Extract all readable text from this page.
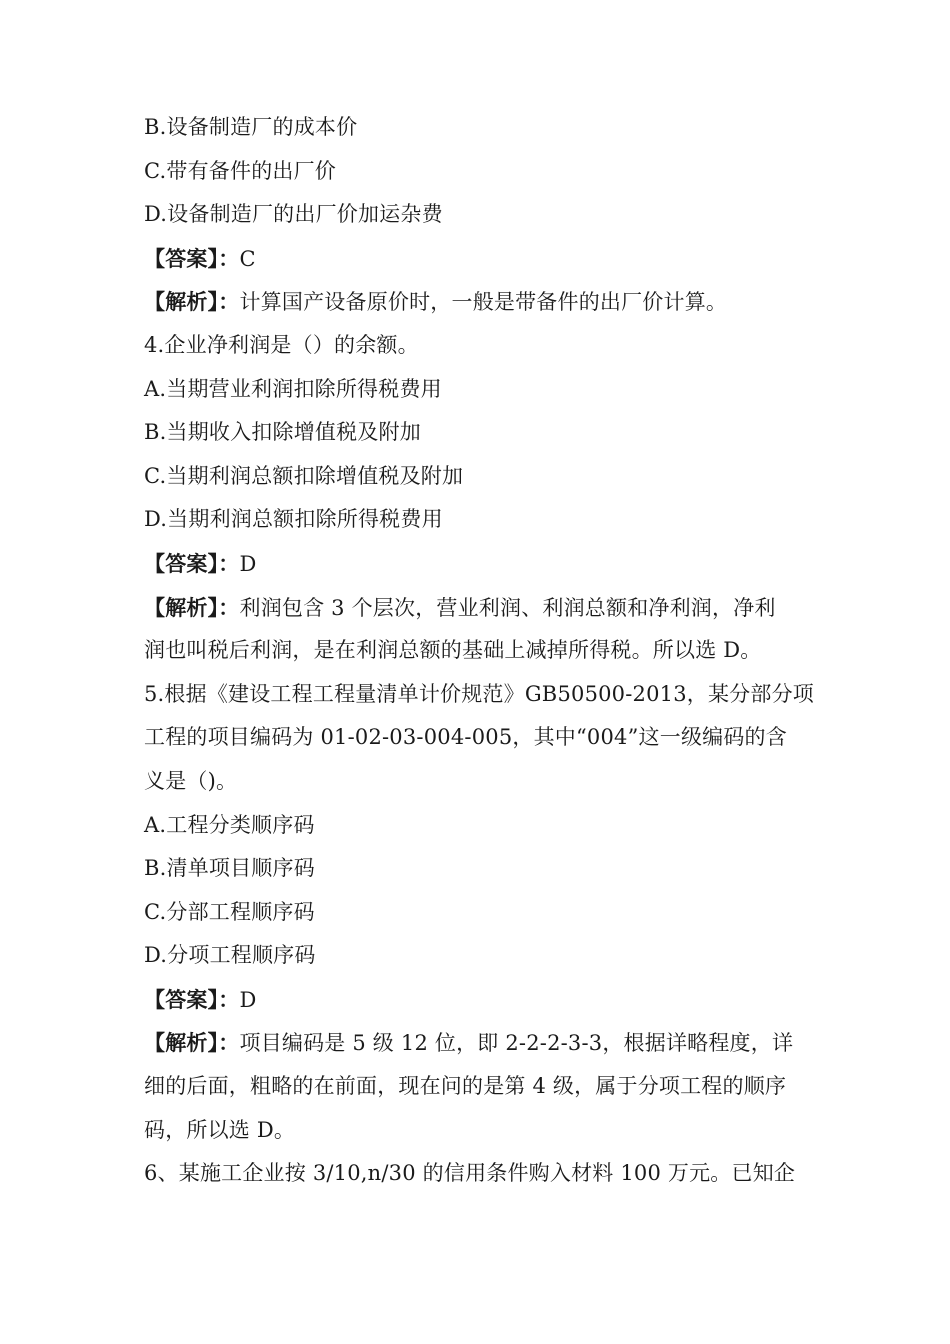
B.设备制造厂的成本价
C.带有备件的出厂价
D.设备制造厂的出厂价加运杂费
【答案】：C
【解析】：计算国产设备原价时，一般是带备件的出厂价计算。
4.企业净利润是（）的余额。
A.当期营业利润扣除所得税费用
B.当期收入扣除增值税及附加
C.当期利润总额扣除增值税及附加
D.当期利润总额扣除所得税费用
【答案】：D
【解析】：利润包含 3 个层次，营业利润、利润总额和净利润，净利
润也叫税后利润，是在利润总额的基础上减掉所得税。所以选 D。
5.根据《建设工程工程量清单计价规范》GB50500-2013，某分部分项
工程的项目编码为 01-02-03-004-005，其中“004”这一级编码的含
义是（)。
A.工程分类顺序码
B.清单项目顺序码
C.分部工程顺序码
D.分项工程顺序码
【答案】：D
【解析】：项目编码是 5 级 12 位，即 2-2-2-3-3，根据详略程度，详
细的后面，粗略的在前面，现在问的是第 4 级，属于分项工程的顺序
码，所以选 D。
6、某施工企业按 3/10,n/30 的信用条件购入材料 100 万元。已知企
